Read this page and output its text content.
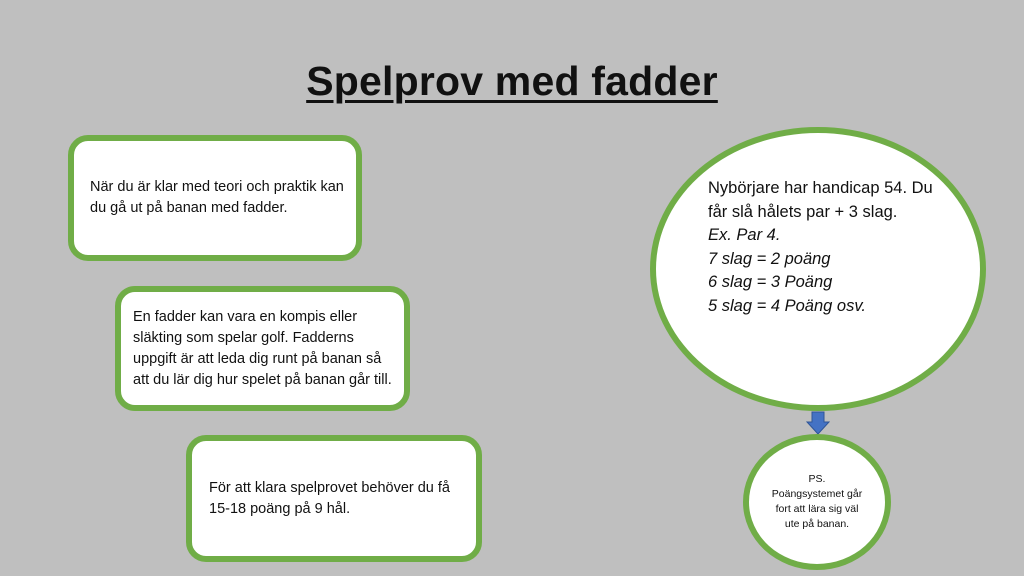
Spelprov med fadder
När du är klar med teori och praktik kan du gå ut på banan med fadder.
En fadder kan vara en kompis eller släkting som spelar golf. Fadderns uppgift är att leda dig runt på banan så att du lär dig hur spelet på banan går till.
För att klara spelprovet behöver du få 15-18 poäng på 9 hål.
Nybörjare har handicap 54. Du får slå hålets par + 3 slag.
Ex. Par 4.
7 slag = 2 poäng
6 slag = 3 Poäng
5 slag = 4 Poäng osv.
PS.
Poängsystemet går fort att lära sig väl ute på banan.
